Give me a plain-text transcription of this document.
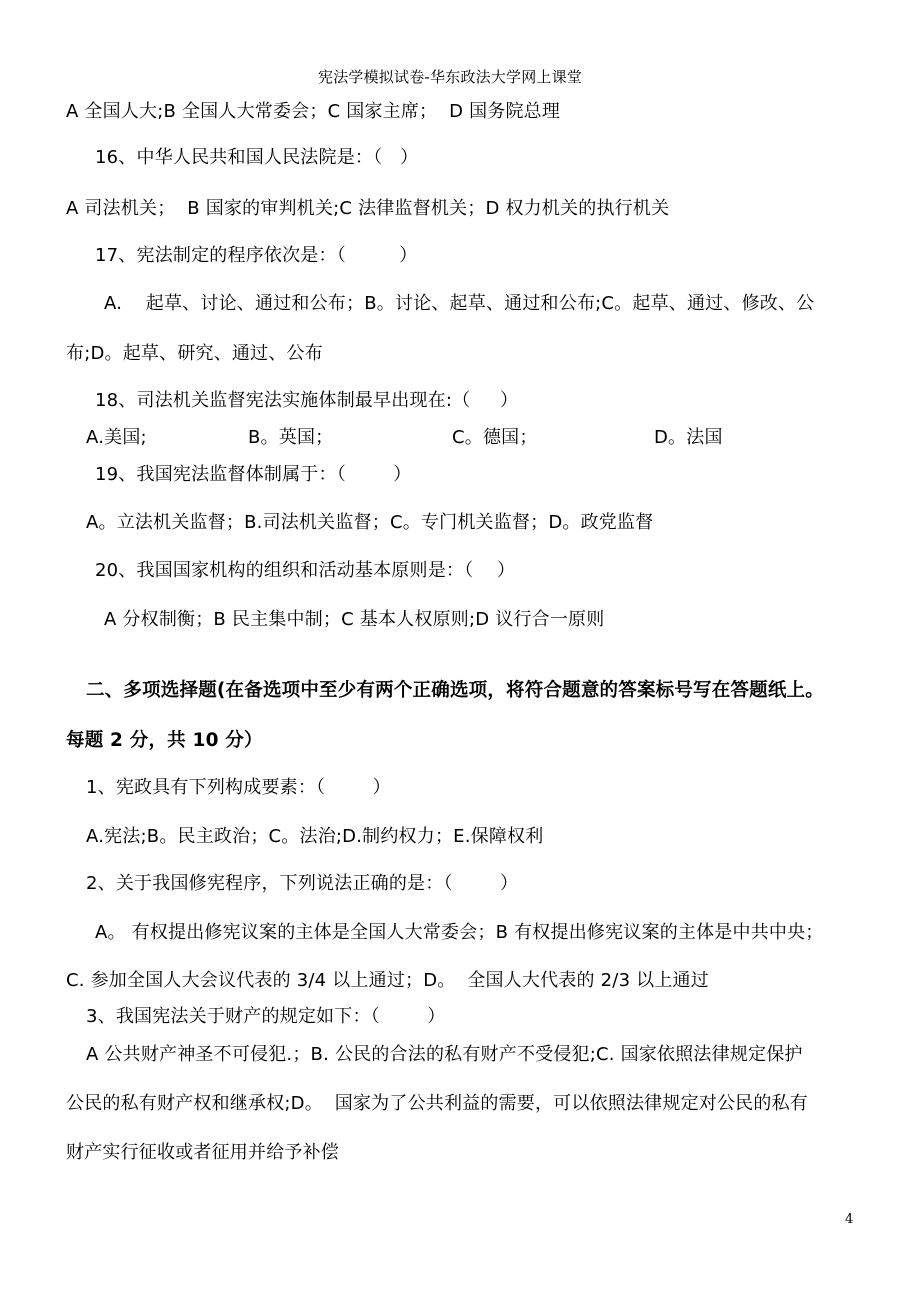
宪法学模拟试卷-华东政法大学网上课堂
A 全国人大;B 全国人大常委会；C 国家主席；  D 国务院总理
16、中华人民共和国人民法院是：（   ）
A 司法机关；  B 国家的审判机关;C 法律监督机关；D 权力机关的执行机关
17、宪法制定的程序依次是：（         ）
A.    起草、讨论、通过和公布；B。讨论、起草、通过和公布;C。起草、通过、修改、公
布;D。起草、研究、通过、公布
18、司法机关监督宪法实施体制最早出现在:（     ）
A.美国;	B。英国；	C。德国；	D。法国
19、我国宪法监督体制属于：（        ）
A。立法机关监督；B.司法机关监督；C。专门机关监督；D。政党监督
20、我国国家机构的组织和活动基本原则是：（    ）
A 分权制衡；B 民主集中制；C 基本人权原则;D 议行合一原则
二、多项选择题(在备选项中至少有两个正确选项，将符合题意的答案标号写在答题纸上。
每题 2 分，共 10 分）
1、宪政具有下列构成要素：（        ）
A.宪法;B。民主政治；C。法治;D.制约权力；E.保障权利
2、关于我国修宪程序，下列说法正确的是：（        ）
A。 有权提出修宪议案的主体是全国人大常委会；B 有权提出修宪议案的主体是中共中央；
C. 参加全国人大会议代表的 3/4 以上通过；D。  全国人大代表的 2/3 以上通过
3、我国宪法关于财产的规定如下：（        ）
A 公共财产神圣不可侵犯.；B. 公民的合法的私有财产不受侵犯;C. 国家依照法律规定保护
公民的私有财产权和继承权;D。  国家为了公共利益的需要，可以依照法律规定对公民的私有
财产实行征收或者征用并给予补偿
4
